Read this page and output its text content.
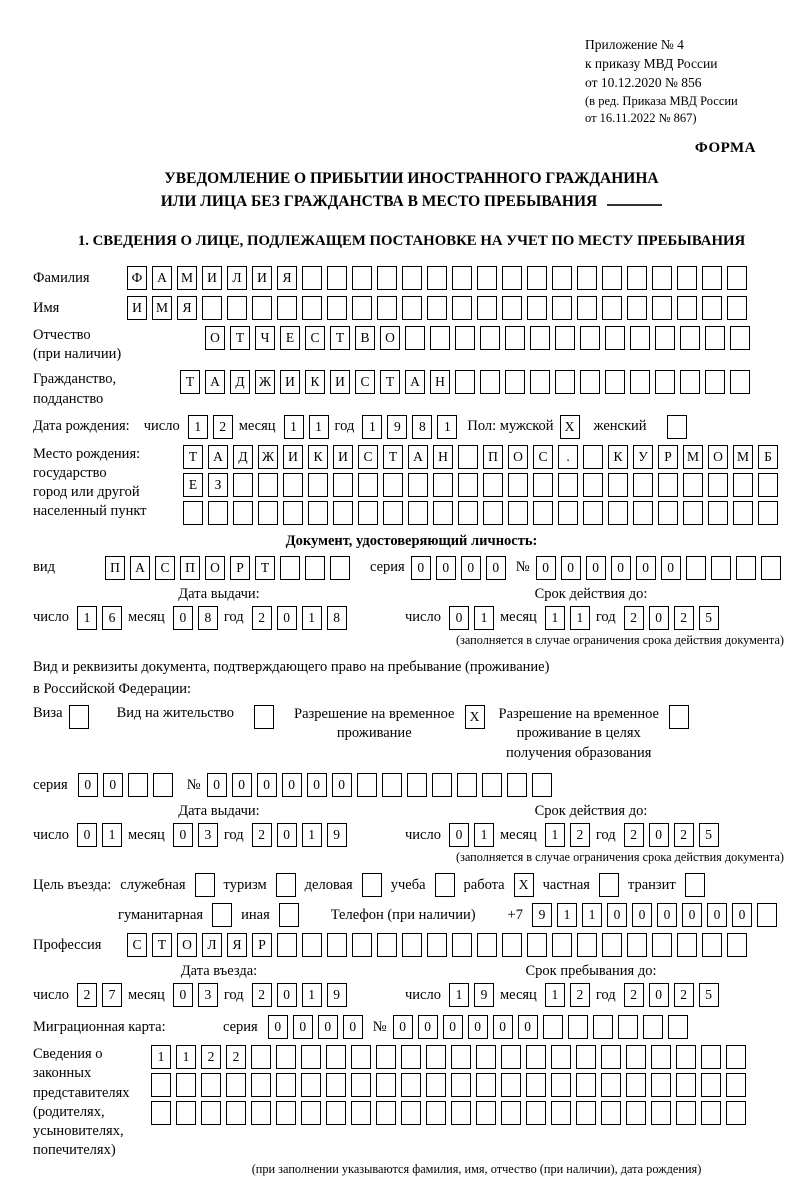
Приложение № 4
к приказу МВД России
от 10.12.2020 № 856
(в ред. Приказа МВД России
от 16.11.2022 № 867)
ФОРМА
УВЕДОМЛЕНИЕ О ПРИБЫТИИ ИНОСТРАННОГО ГРАЖДАНИНА
ИЛИ ЛИЦА БЕЗ ГРАЖДАНСТВА В МЕСТО ПРЕБЫВАНИЯ
1. СВЕДЕНИЯ О ЛИЦЕ, ПОДЛЕЖАЩЕМ ПОСТАНОВКЕ НА УЧЕТ ПО МЕСТУ ПРЕБЫВАНИЯ
Фамилия	Ф	А	М	И	Л	И	Я
Имя	И	М	Я
Отчество
(при наличии)
О	Т	Ч	Е	С	Т	В	О
Гражданство,
подданство
Т	А	Д	Ж	И	К	И	С	Т	А	Н
Дата рождения: число	1	2 месяц	1	1 год	1	9	8	1	Пол:
мужской X	женский
Место рождения:
государство
город или другой
населенный пункт
Т	А	Д	Ж	И	К	И	С	Т	А	Н	П	О	С	.	К	У	Р	М	О	М	Б
Е	З
Документ, удостоверяющий личность:
вид	П	А	С	П	О	Р	Т	серия 0	0	0	0	№ 0	0	0	0	0	0
Дата выдачи:
число	1	6 месяц	0	8 год	2	0	1	8
Срок действия до:
число	0	1 месяц	1	1 год	2	0	2	5
(заполняется в случае ограничения срока действия документа)
Вид и реквизиты документа, подтверждающего право на пребывание (проживание)
в Российской Федерации:
Виза	Вид на жительство	Разрешение на временное
проживание
X	Разрешение на временное
проживание в целях
получения образования
серия	0	0	№ 0	0	0	0	0	0
Дата выдачи:
число	0	1 месяц	0	3 год	2	0	1	9
Срок действия до:
число	0	1 месяц	1	2 год	2	0	2	5
(заполняется в случае ограничения срока действия документа)
Цель въезда: служебная	туризм	деловая	учеба	работа	X частная	транзит
гуманитарная	иная	Телефон (при наличии) +7	9	1	1	0	0	0	0	0	0
Профессия	С	Т	О	Л	Я	Р
Дата въезда:
число	2	7 месяц	0	3 год	2	0	1	9
Срок пребывания до:
число	1	9 месяц	1	2 год	2	0	2	5
Миграционная карта:	серия	0	0	0	0	№ 0	0	0	0	0	0
Сведения о
законных
представителях
(родителях,
усыновителях,
попечителях)
1	1	2	2
(при заполнении указываются фамилия, имя, отчество (при наличии), дата рождения)
